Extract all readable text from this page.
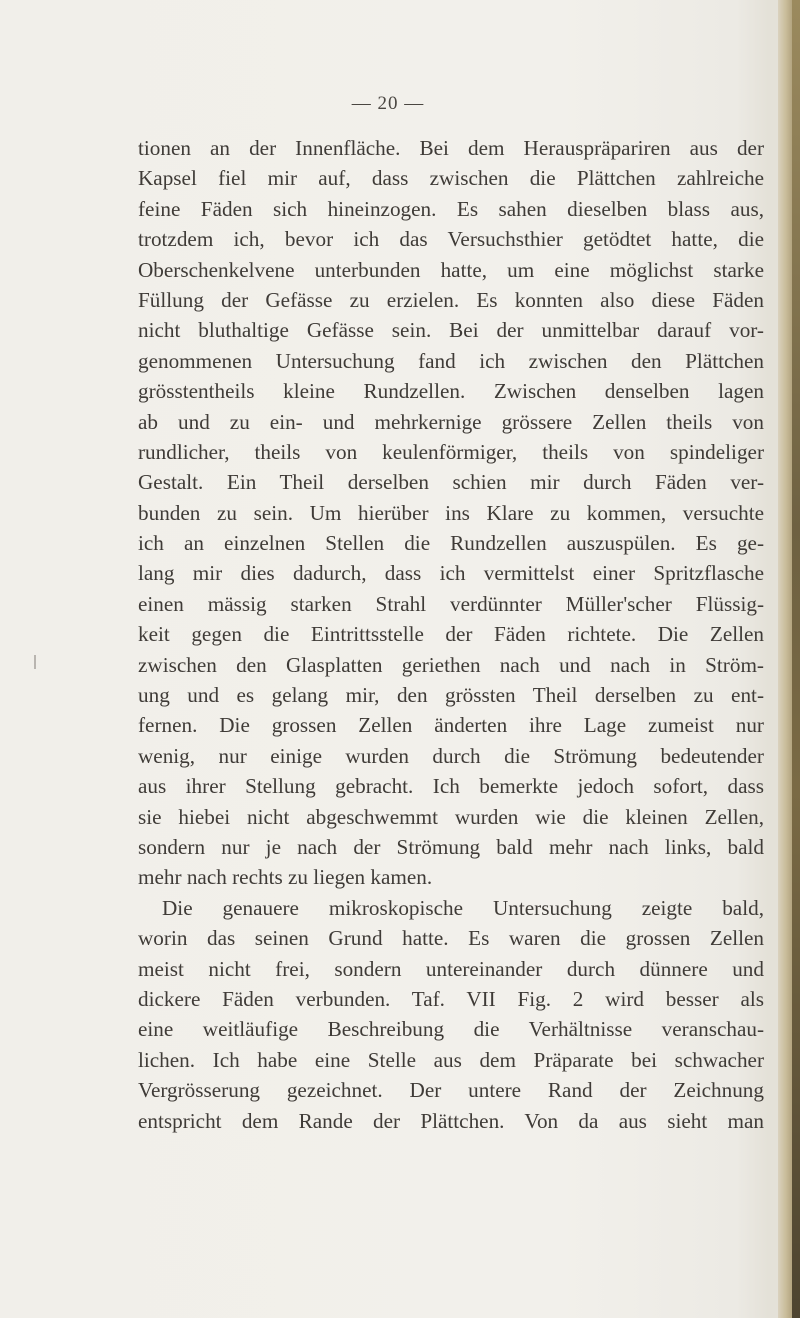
— 20 —
tionen an der Innenfläche. Bei dem Herauspräpariren aus der
Kapsel fiel mir auf, dass zwischen die Plättchen zahlreiche
feine Fäden sich hineinzogen. Es sahen dieselben blass aus,
trotzdem ich, bevor ich das Versuchsthier getödtet hatte, die
Oberschenkelvene unterbunden hatte, um eine möglichst starke
Füllung der Gefässe zu erzielen. Es konnten also diese Fäden
nicht bluthaltige Gefässe sein. Bei der unmittelbar darauf vor-
genommenen Untersuchung fand ich zwischen den Plättchen
grösstentheils kleine Rundzellen. Zwischen denselben lagen
ab und zu ein- und mehrkernige grössere Zellen theils von
rundlicher, theils von keulenförmiger, theils von spindeliger
Gestalt. Ein Theil derselben schien mir durch Fäden ver-
bunden zu sein. Um hierüber ins Klare zu kommen, versuchte
ich an einzelnen Stellen die Rundzellen auszuspülen. Es ge-
lang mir dies dadurch, dass ich vermittelst einer Spritzflasche
einen mässig starken Strahl verdünnter Müller'scher Flüssig-
keit gegen die Eintrittsstelle der Fäden richtete. Die Zellen
zwischen den Glasplatten geriethen nach und nach in Ström-
ung und es gelang mir, den grössten Theil derselben zu ent-
fernen. Die grossen Zellen änderten ihre Lage zumeist nur
wenig, nur einige wurden durch die Strömung bedeutender
aus ihrer Stellung gebracht. Ich bemerkte jedoch sofort, dass
sie hiebei nicht abgeschwemmt wurden wie die kleinen Zellen,
sondern nur je nach der Strömung bald mehr nach links, bald
mehr nach rechts zu liegen kamen.
Die genauere mikroskopische Untersuchung zeigte bald,
worin das seinen Grund hatte. Es waren die grossen Zellen
meist nicht frei, sondern untereinander durch dünnere und
dickere Fäden verbunden. Taf. VII Fig. 2 wird besser als
eine weitläufige Beschreibung die Verhältnisse veranschau-
lichen. Ich habe eine Stelle aus dem Präparate bei schwacher
Vergrösserung gezeichnet. Der untere Rand der Zeichnung
entspricht dem Rande der Plättchen. Von da aus sieht man
